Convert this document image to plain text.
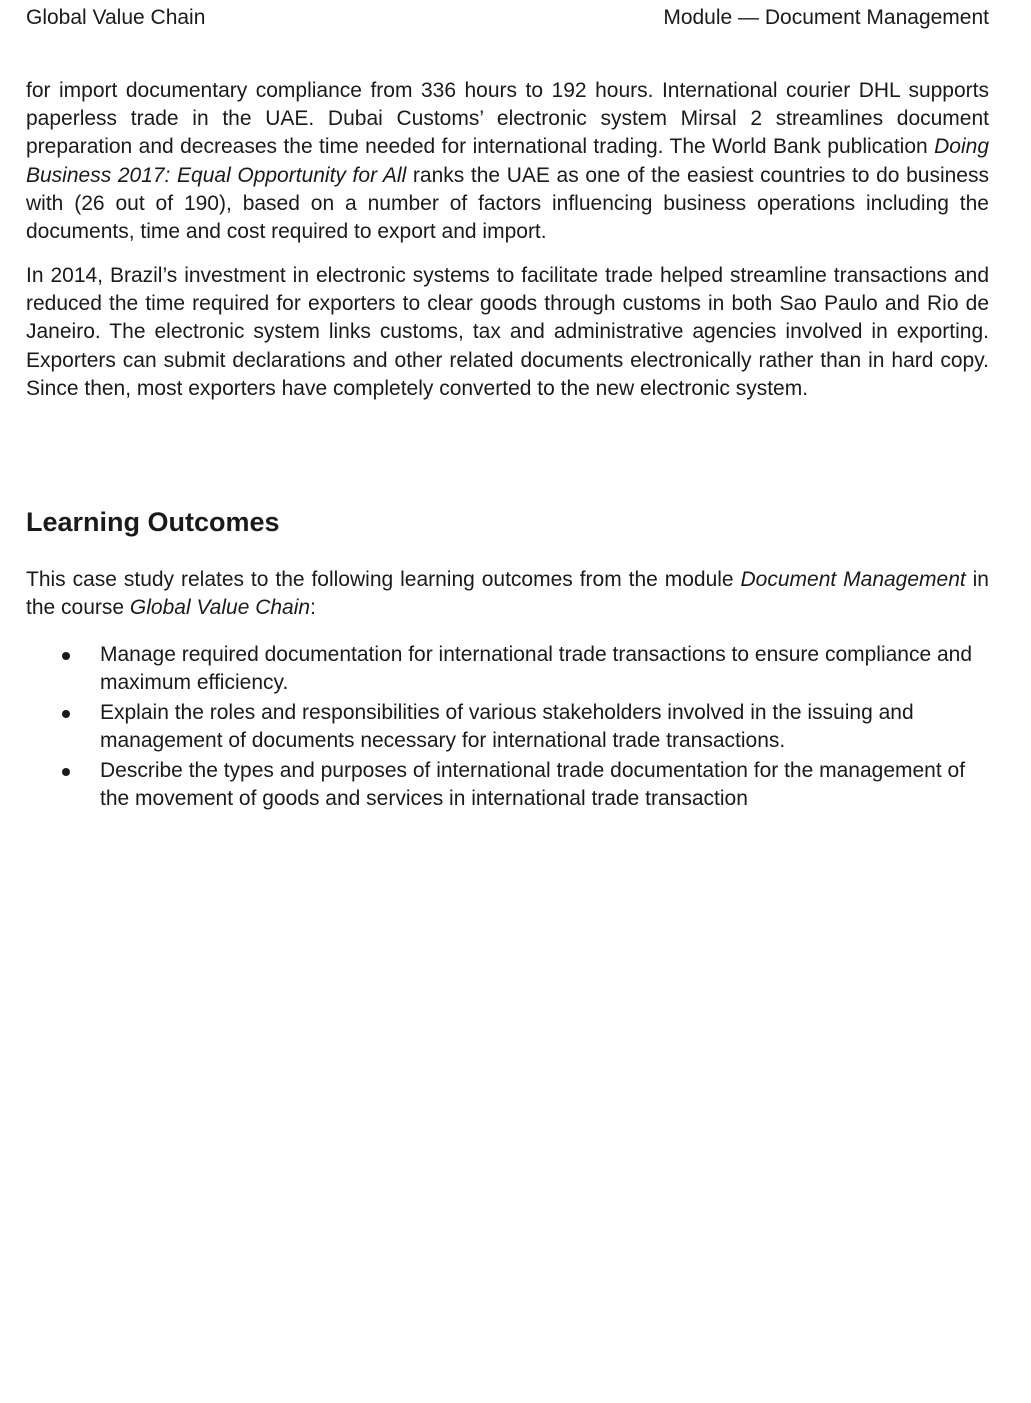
Global Value Chain	Module — Document Management

for import documentary compliance from 336 hours to 192 hours. International courier DHL supports paperless trade in the UAE. Dubai Customs’ electronic system Mirsal 2 streamlines document preparation and decreases the time needed for international trading. The World Bank publication Doing Business 2017: Equal Opportunity for All ranks the UAE as one of the easiest countries to do business with (26 out of 190), based on a number of factors influencing business operations including the documents, time and cost required to export and import.

In 2014, Brazil’s investment in electronic systems to facilitate trade helped streamline transactions and reduced the time required for exporters to clear goods through customs in both Sao Paulo and Rio de Janeiro. The electronic system links customs, tax and administrative agencies involved in exporting. Exporters can submit declarations and other related documents electronically rather than in hard copy. Since then, most exporters have completely converted to the new electronic system.

Learning Outcomes

This case study relates to the following learning outcomes from the module Document Management in the course Global Value Chain:

Manage required documentation for international trade transactions to ensure compliance and maximum efficiency.
Explain the roles and responsibilities of various stakeholders involved in the issuing and management of documents necessary for international trade transactions.
Describe the types and purposes of international trade documentation for the management of the movement of goods and services in international trade transaction
